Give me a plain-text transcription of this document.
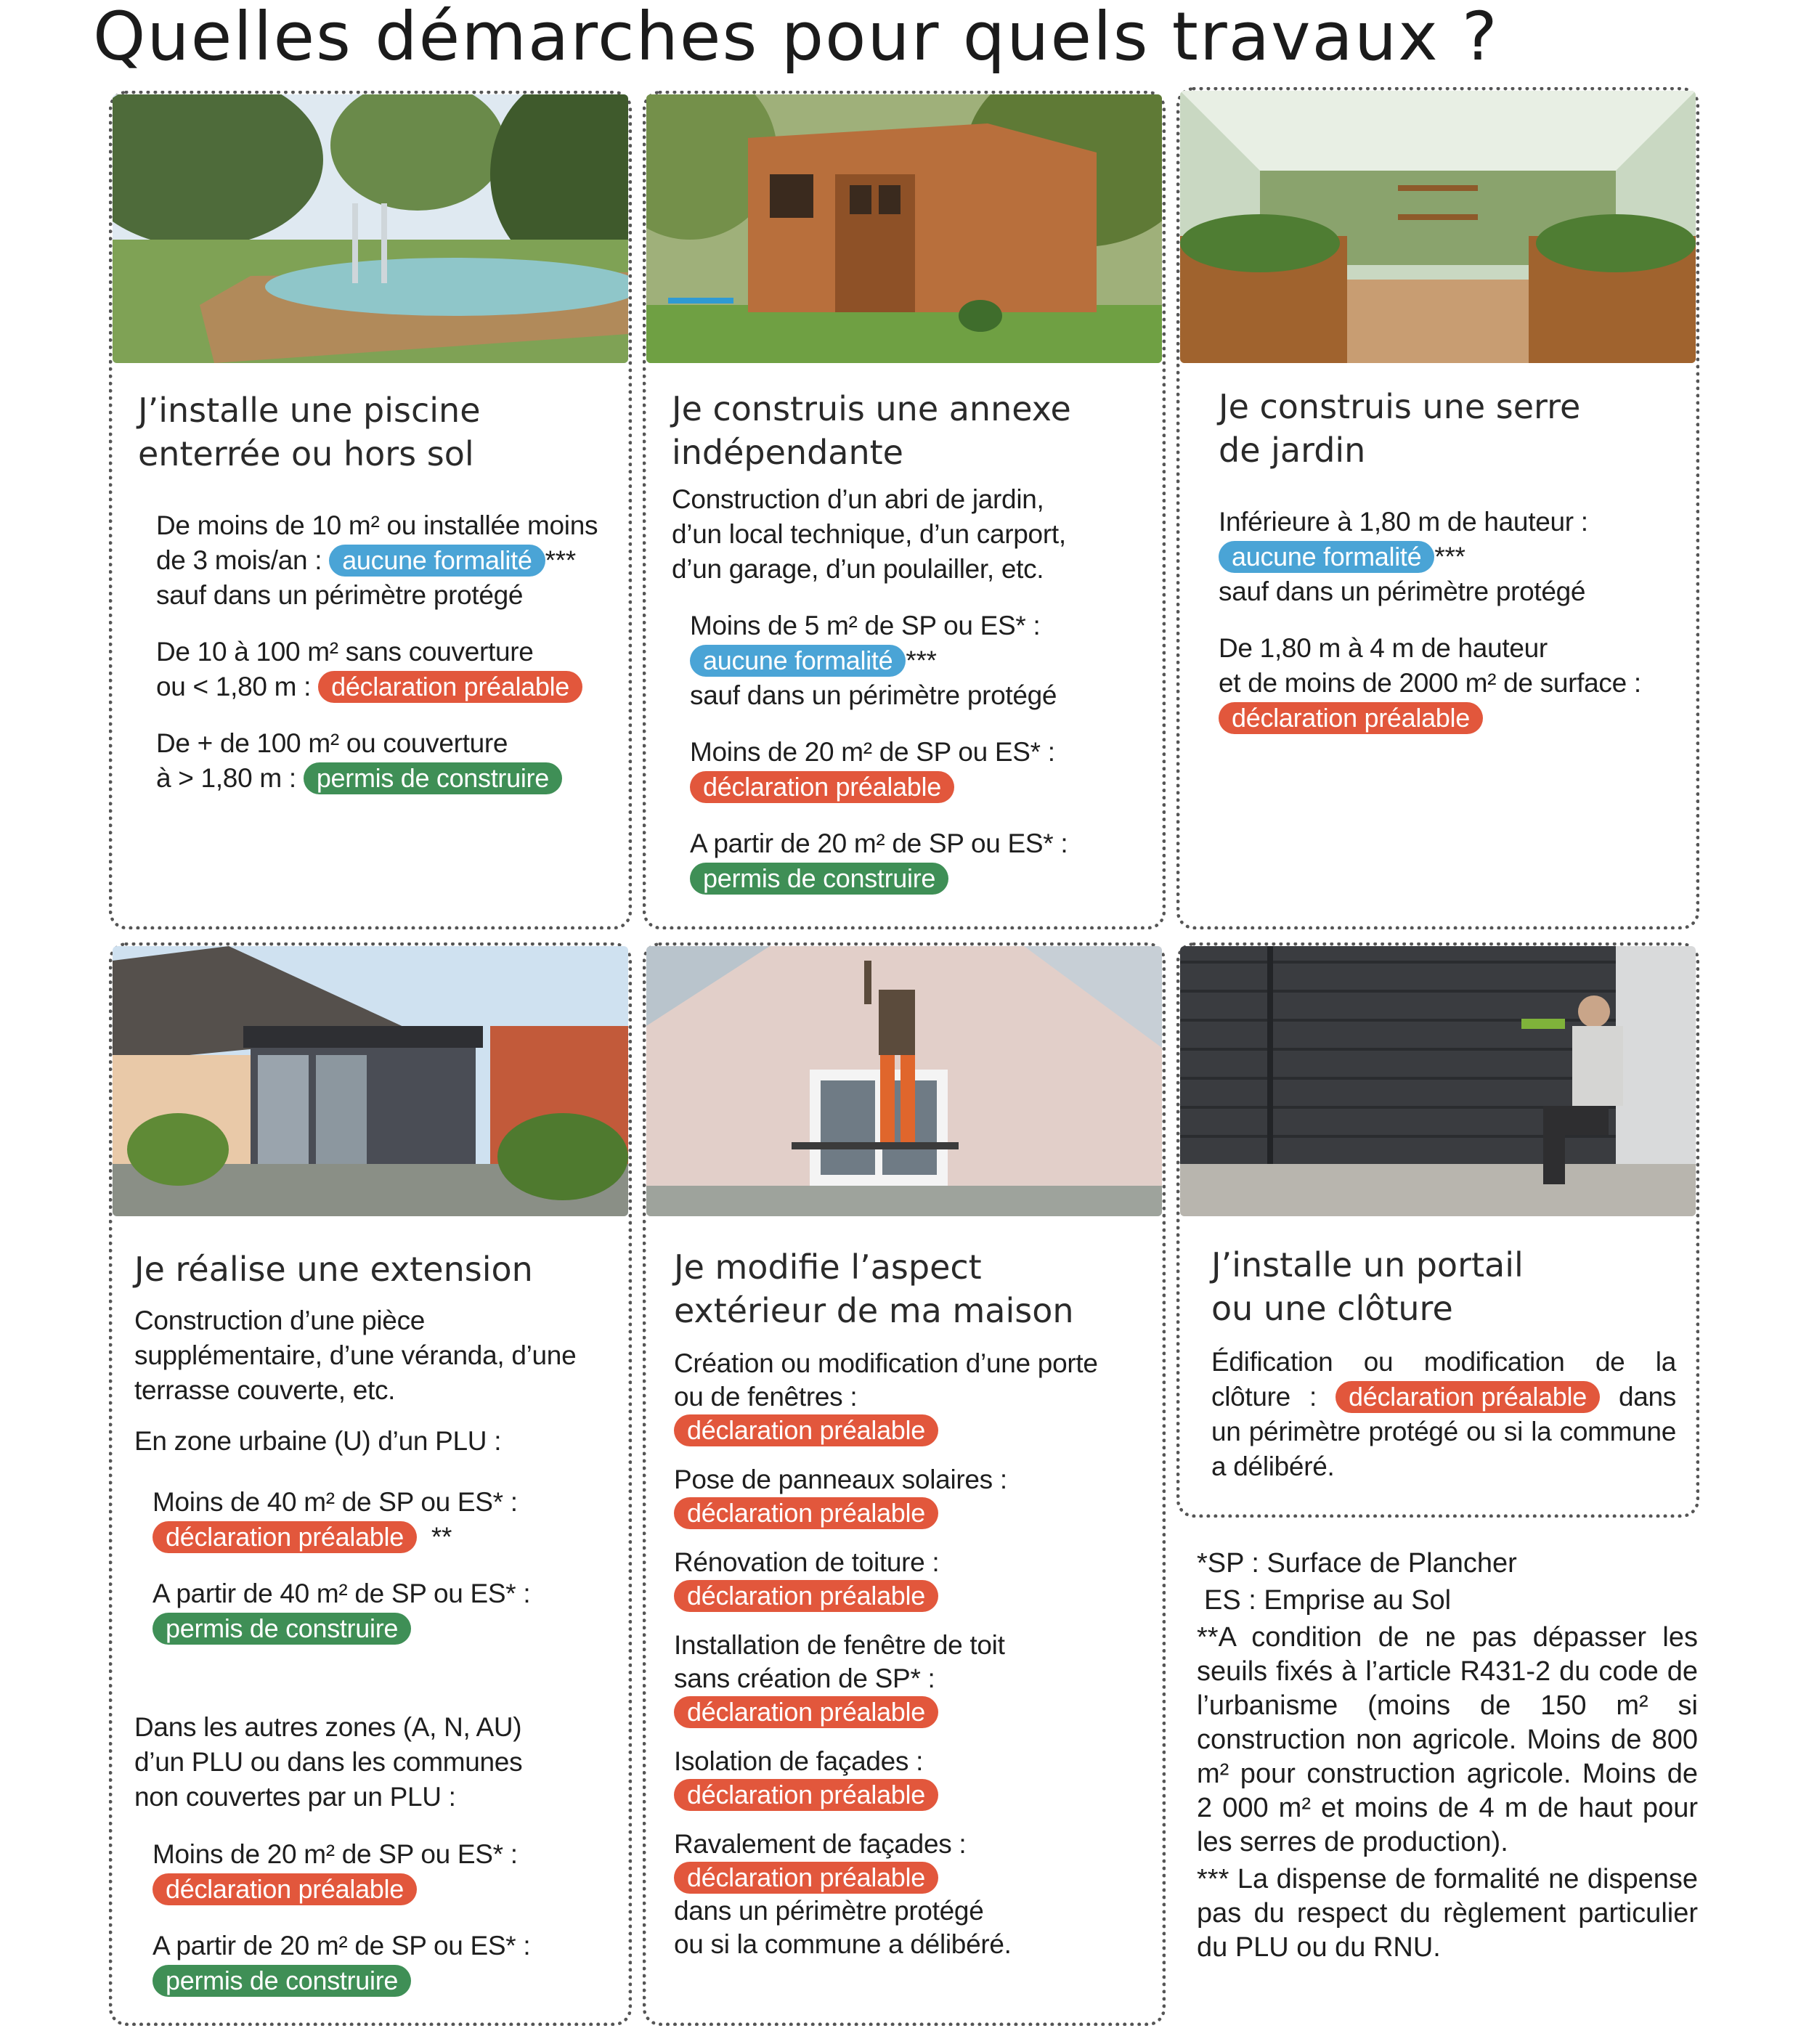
Quelles démarches pour quels travaux ?
J’installe une piscine
enterrée ou hors sol
De moins de 10 m² ou installée moins
de 3 mois/an : aucune formalité ***
sauf dans un périmètre protégé
De 10 à 100 m² sans couverture
ou < 1,80 m : déclaration préalable
De + de 100 m² ou couverture
à > 1,80 m : permis de construire
Je construis une annexe
indépendante
Construction d’un abri de jardin,
d’un local technique, d’un carport,
d’un garage, d’un poulailler, etc.
Moins de 5 m² de SP ou ES* :
aucune formalité ***
sauf dans un périmètre protégé
Moins de 20 m² de SP ou ES* :
déclaration préalable
A partir de 20 m² de SP ou ES* :
permis de construire
Je construis une serre
de jardin
Inférieure à 1,80 m de hauteur :
aucune formalité ***
sauf dans un périmètre protégé
De 1,80 m à 4 m de hauteur
et de moins de 2000 m² de surface :
déclaration préalable
Je réalise une extension
Construction d’une pièce
supplémentaire, d’une véranda, d’une
terrasse couverte, etc.
En zone urbaine (U) d’un PLU :
Moins de 40 m² de SP ou ES* :
déclaration préalable **
A partir de 40 m² de SP ou ES* :
permis de construire
Dans les autres zones (A, N, AU)
d’un PLU ou dans les communes
non couvertes par un PLU :
Moins de 20 m² de SP ou ES* :
déclaration préalable
A partir de 20 m² de SP ou ES* :
permis de construire
Je modifie l’aspect
extérieur de ma maison
Création ou modification d’une porte
ou de fenêtres :
déclaration préalable
Pose de panneaux solaires :
déclaration préalable
Rénovation de toiture :
déclaration préalable
Installation de fenêtre de toit
sans création de SP* :
déclaration préalable
Isolation de façades :
déclaration préalable
Ravalement de façades :
déclaration préalable
dans un périmètre protégé
ou si la commune a délibéré.
J’installe un portail
ou une clôture
Édification ou modification de la
clôture : déclaration préalable dans
un périmètre protégé ou si la commune
a délibéré.

*SP : Surface de Plancher

ES : Emprise au Sol

**A condition de ne pas dépasser les seuils fixés à l’article R431-2 du code de l’urbanisme (moins de 150 m² si construction non agricole. Moins de 800 m² pour construction agricole. Moins de 2 000 m² et moins de 4 m de haut pour les serres de production).

*** La dispense de formalité ne dispense pas du respect du règlement particulier du PLU ou du RNU.
